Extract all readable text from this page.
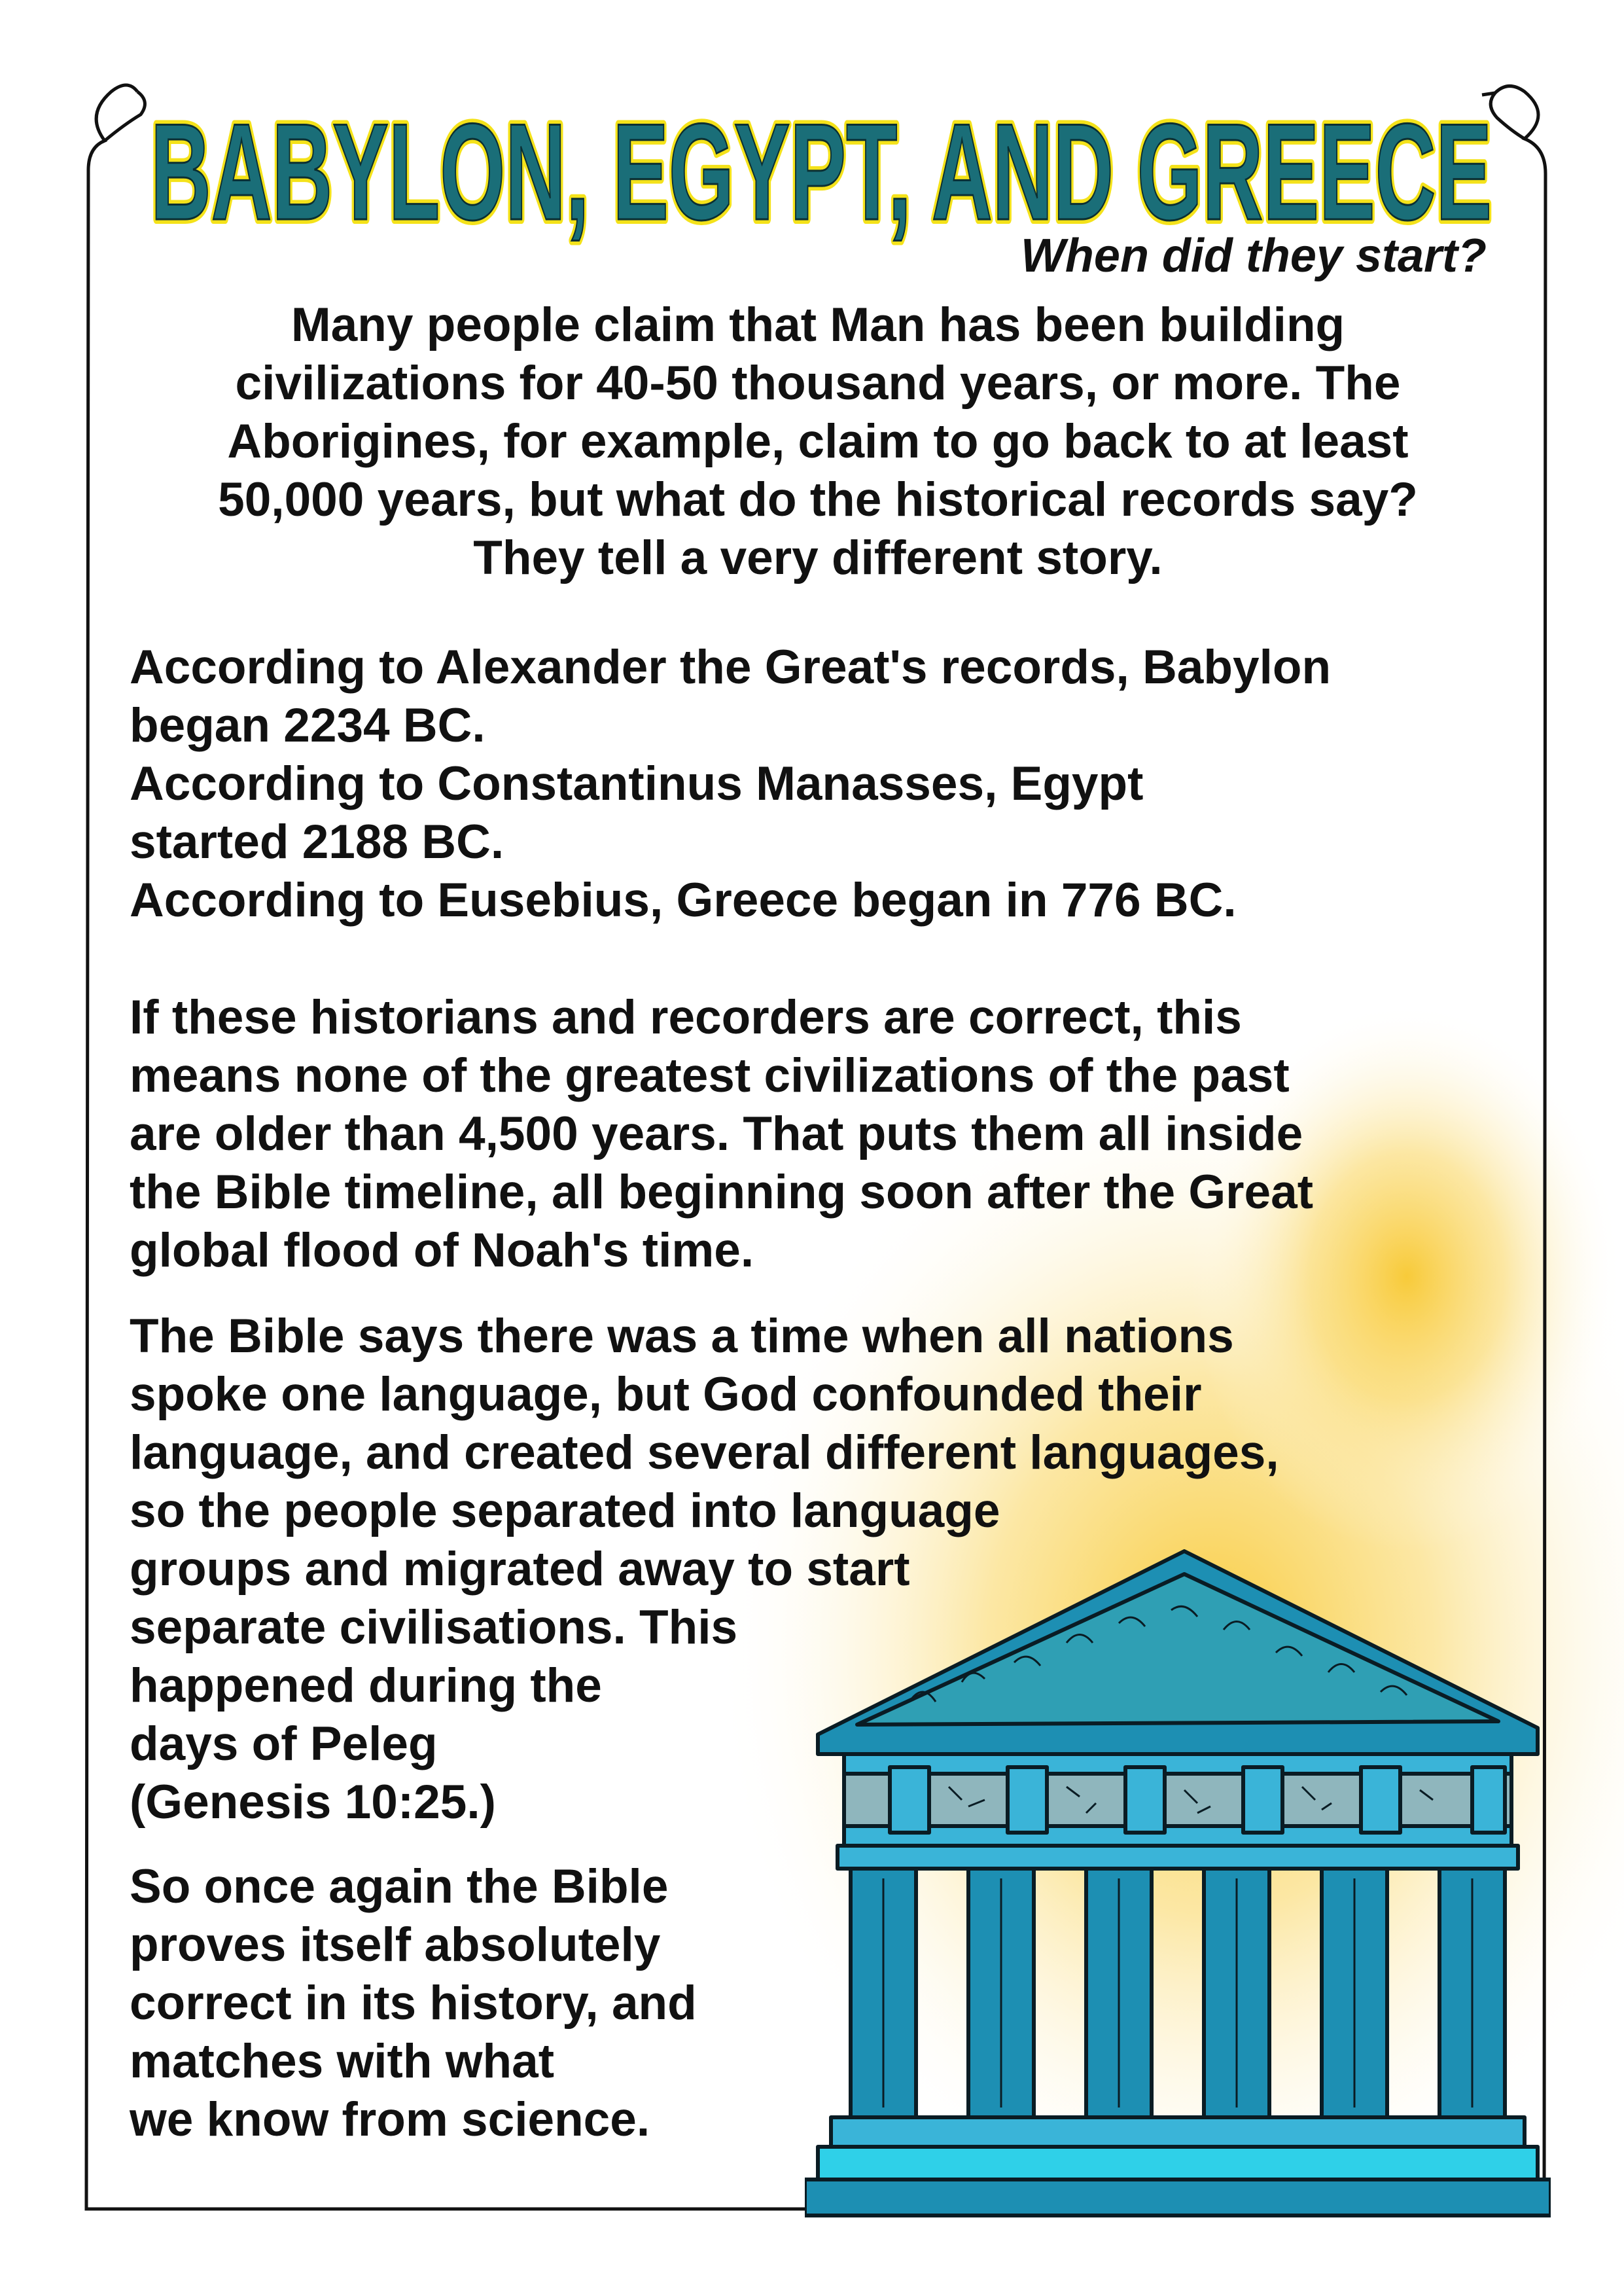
BABYLON, EGYPT, AND GREECE
BABYLON, EGYPT, AND GREECE
When did they start?
Many people claim that Man has been building
civilizations for 40-50 thousand years, or more. The
Aborigines, for example, claim to go back to at least
50,000 years, but what do the historical records say?
They tell a very different story.
According to Alexander the Great's records, Babylon
began 2234 BC.
According to Constantinus Manasses, Egypt
started 2188 BC.
According to Eusebius, Greece began in 776 BC.
If these historians and recorders are correct, this
means none of the greatest civilizations of the past
are older than 4,500 years. That puts them all inside
the Bible timeline, all beginning soon after the Great
global flood of Noah's time.
The Bible says there was a time when all nations
spoke one language, but God confounded their
language, and created several different languages,
so the people separated into language
groups and migrated away to start
separate civilisations. This
happened during the
days of Peleg
(Genesis 10:25.)
So once again the Bible
proves itself absolutely
correct in its history, and
matches with what
we know from science.
